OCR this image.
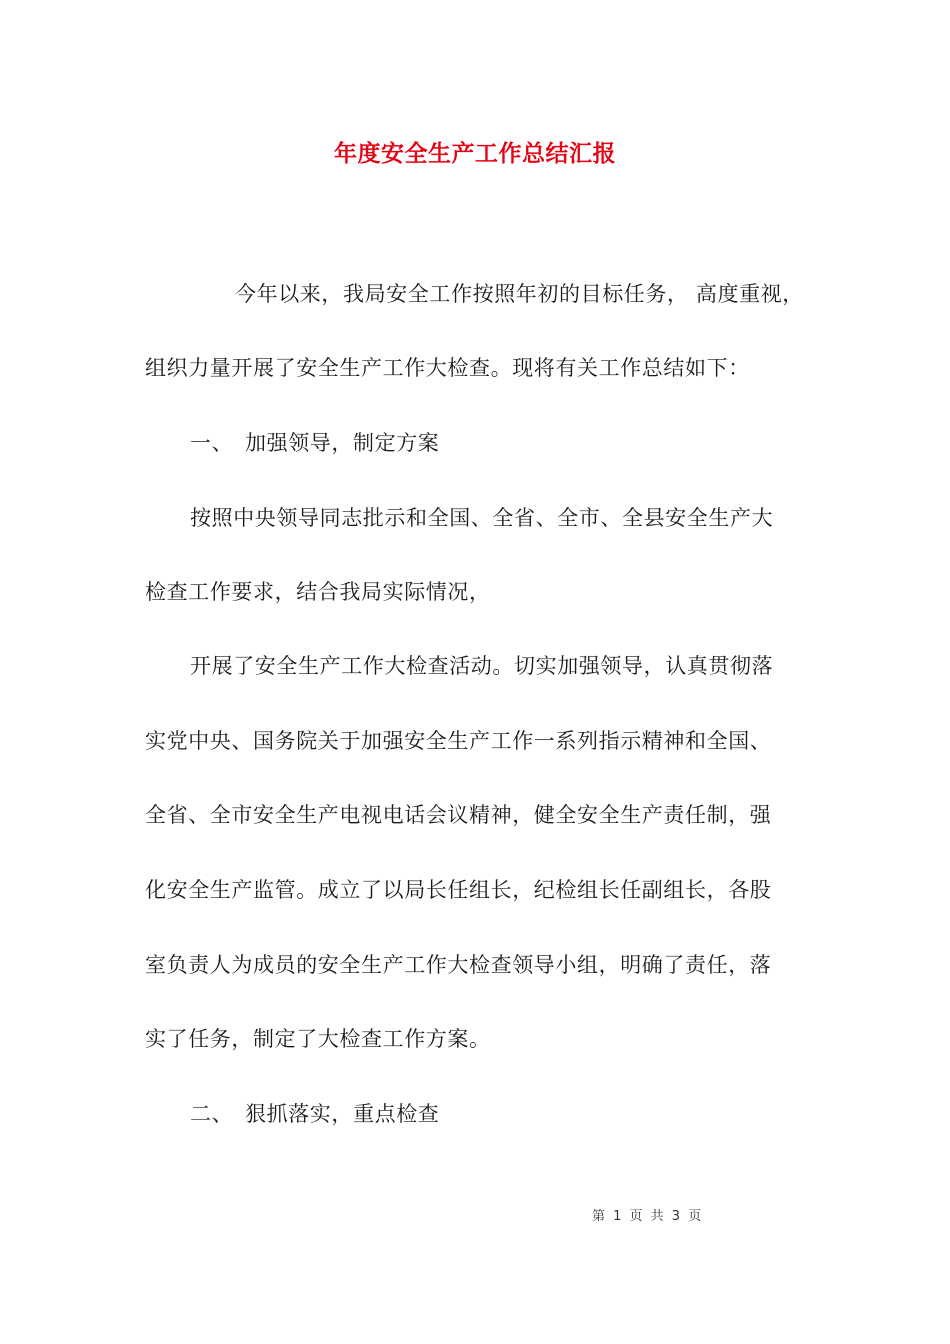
年度安全生产工作总结汇报
今年以来，我局安全工作按照年初的目标任务， 高度重视，
组织力量开展了安全生产工作大检查。现将有关工作总结如下：
一、 加强领导，制定方案
按照中央领导同志批示和全国、全省、全市、全县安全生产大
检查工作要求，结合我局实际情况，
开展了安全生产工作大检查活动。切实加强领导，认真贯彻落
实党中央、国务院关于加强安全生产工作一系列指示精神和全国、
全省、全市安全生产电视电话会议精神，健全安全生产责任制，强
化安全生产监管。成立了以局长任组长，纪检组长任副组长，各股
室负责人为成员的安全生产工作大检查领导小组，明确了责任，落
实了任务，制定了大检查工作方案。
二、 狠抓落实，重点检查
第 1 页 共 3 页
